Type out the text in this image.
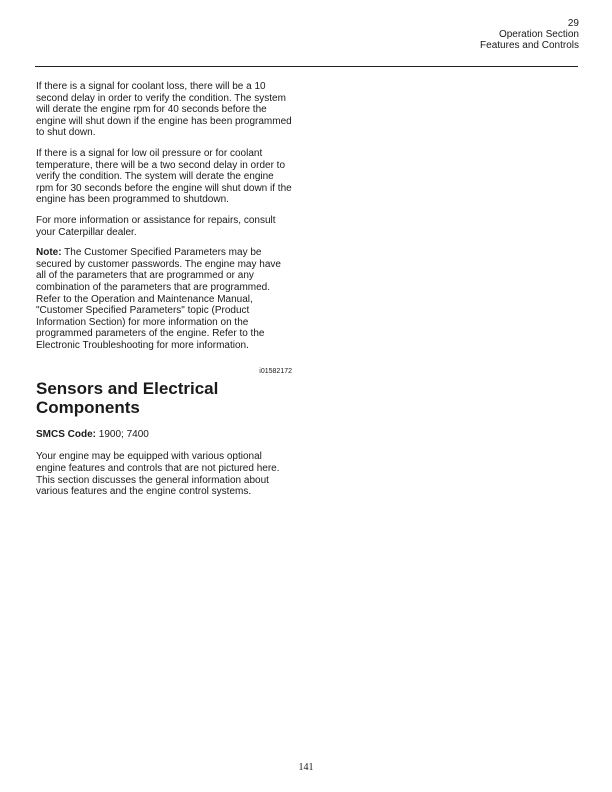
29
Operation Section
Features and Controls

If there is a signal for coolant loss, there will be a 10 second delay in order to verify the condition. The system will derate the engine rpm for 40 seconds before the engine will shut down if the engine has been programmed to shut down.

If there is a signal for low oil pressure or for coolant temperature, there will be a two second delay in order to verify the condition. The system will derate the engine rpm for 30 seconds before the engine will shut down if the engine has been programmed to shutdown.

For more information or assistance for repairs, consult your Caterpillar dealer.

Note: The Customer Specified Parameters may be secured by customer passwords. The engine may have all of the parameters that are programmed or any combination of the parameters that are programmed. Refer to the Operation and Maintenance Manual, "Customer Specified Parameters" topic (Product Information Section) for more information on the programmed parameters of the engine. Refer to the Electronic Troubleshooting for more information.

i01582172
Sensors and Electrical Components

SMCS Code: 1900; 7400

Your engine may be equipped with various optional engine features and controls that are not pictured here. This section discusses the general information about various features and the engine control systems.

141
